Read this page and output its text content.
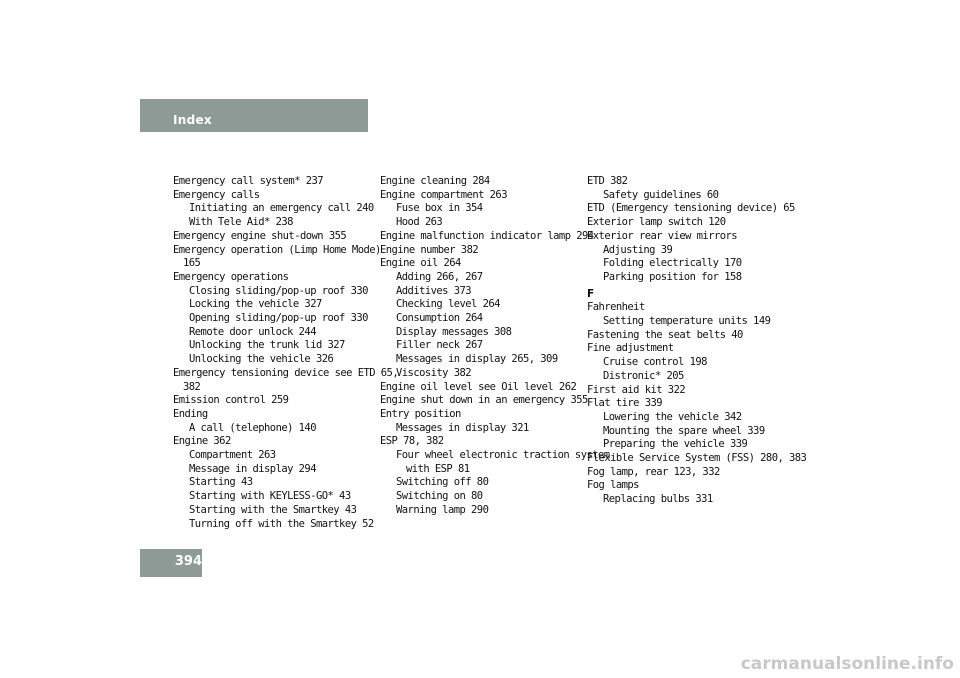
Index
Emergency call system* 237
Emergency calls
Initiating an emergency call 240
With Tele Aid* 238
Emergency engine shut-down 355
Emergency operation (Limp Home Mode)
165
Emergency operations
Closing sliding/pop-up roof 330
Locking the vehicle 327
Opening sliding/pop-up roof 330
Remote door unlock 244
Unlocking the trunk lid 327
Unlocking the vehicle 326
Emergency tensioning device see ETD 65,
382
Emission control 259
Ending
A call (telephone) 140
Engine 362
Compartment 263
Message in display 294
Starting 43
Starting with KEYLESS-GO* 43
Starting with the Smartkey 43
Turning off with the Smartkey 52
Engine cleaning 284
Engine compartment 263
Fuse box in 354
Hood 263
Engine malfunction indicator lamp 294
Engine number 382
Engine oil 264
Adding 266, 267
Additives 373
Checking level 264
Consumption 264
Display messages 308
Filler neck 267
Messages in display 265, 309
Viscosity 382
Engine oil level see Oil level 262
Engine shut down in an emergency 355
Entry position
Messages in display 321
ESP 78, 382
Four wheel electronic traction system
with ESP 81
Switching off 80
Switching on 80
Warning lamp 290
ETD 382
Safety guidelines 60
ETD (Emergency tensioning device) 65
Exterior lamp switch 120
Exterior rear view mirrors
Adjusting 39
Folding electrically 170
Parking position for 158
F
Fahrenheit
Setting temperature units 149
Fastening the seat belts 40
Fine adjustment
Cruise control 198
Distronic* 205
First aid kit 322
Flat tire 339
Lowering the vehicle 342
Mounting the spare wheel 339
Preparing the vehicle 339
Flexible Service System (FSS) 280, 383
Fog lamp, rear 123, 332
Fog lamps
Replacing bulbs 331
394
carmanualsonline.info
